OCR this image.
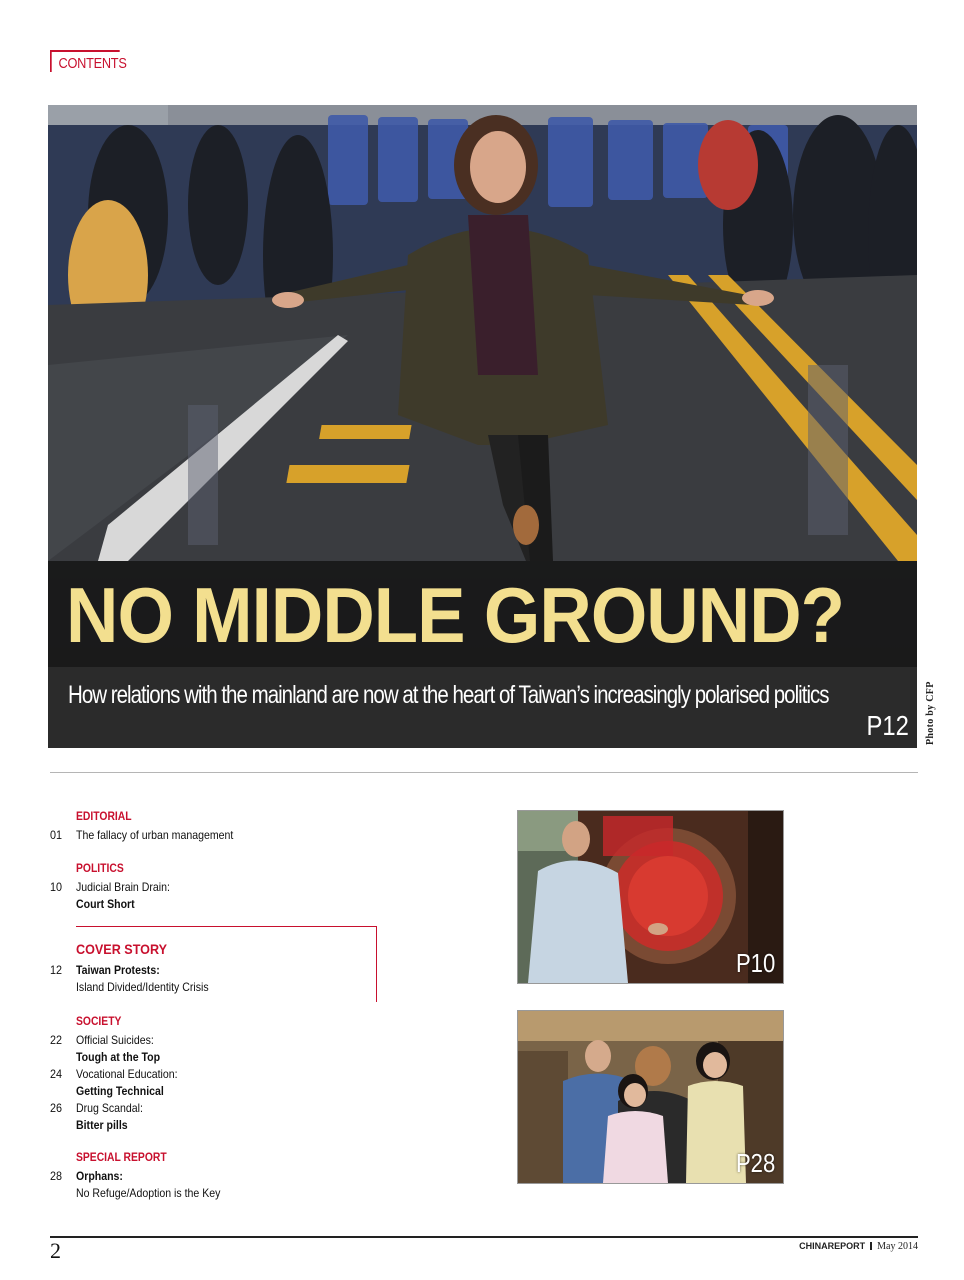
CONTENTS
NO MIDDLE GROUND?
How relations with the mainland are now at the heart of Taiwan’s increasingly polarised politics
P12 Photo by CFP
EDITORIAL
01	The fallacy of urban management
POLITICS
10	Judicial Brain Drain:
Court Short
COVER STORY
12	Taiwan Protests:
Island Divided/Identity Crisis
SOCIETY
22	Official Suicides:
Tough at the Top
24	Vocational Education:
Getting Technical
26	Drug Scandal:
Bitter pills
SPECIAL REPORT
28	Orphans:
No Refuge/Adoption is the Key
P10
P28
2	CHINAREPORT May 2014
